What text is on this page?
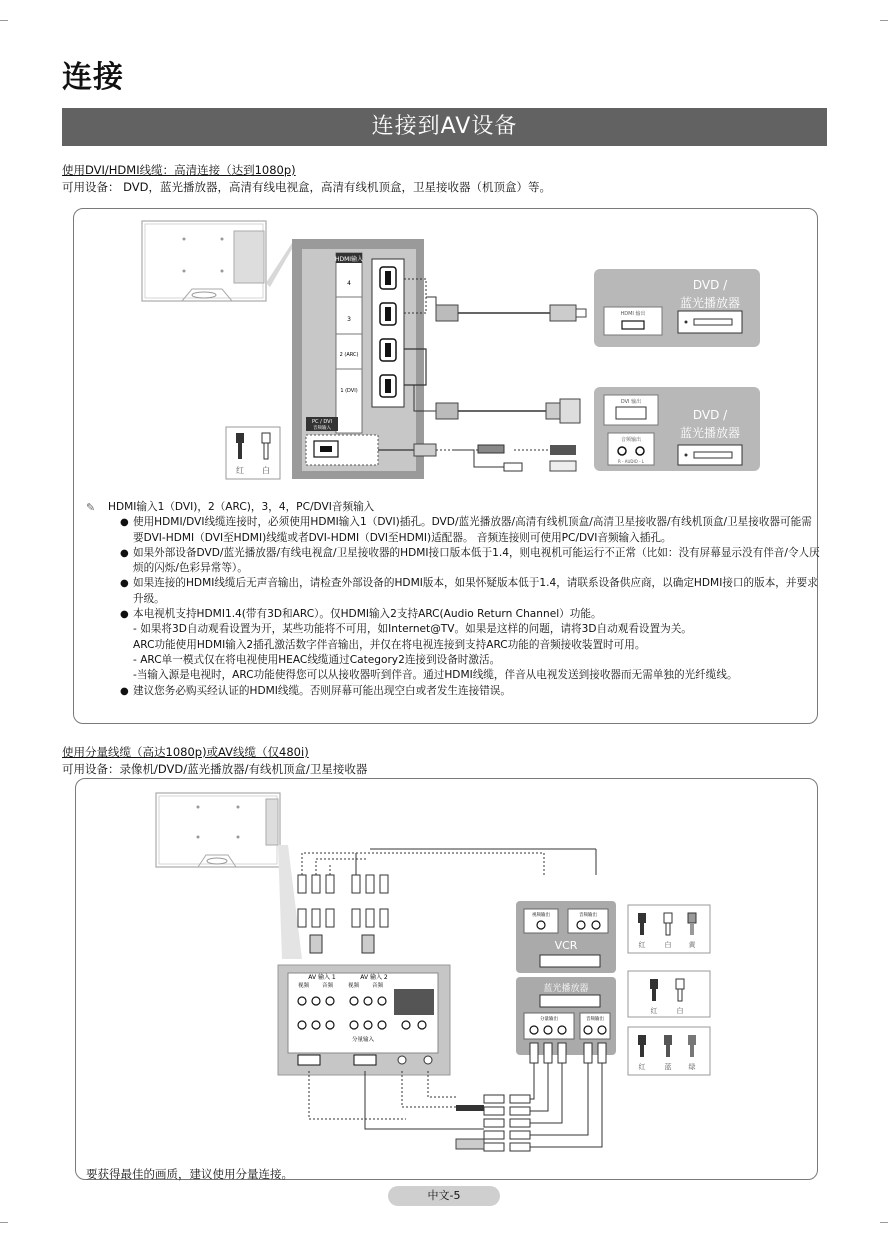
连接
连接到AV设备
使用DVI/HDMI线缆：高清连接（达到1080p)
可用设备： DVD，蓝光播放器，高清有线电视盒，高清有线机顶盒，卫星接收器（机顶盒）等。
HDMI输入
4
3
2 (ARC)
1 (DVI)
PC / DVI
音频输入
DVD /
蓝光播放器
HDMI 输出
DVD /
蓝光播放器
DVI 输出
音频输出
R - AUDIO - L
红 白
✎ HDMI输入1（DVI)，2（ARC)，3，4，PC/DVI音频输入
● 使用HDMI/DVI线缆连接时，必须使用HDMI输入1（DVI)插孔。DVD/蓝光播放器/高清有线机顶盒/高清卫星接收器/有线机顶盒/卫星接收器可能需要DVI-HDMI（DVI至HDMI)线缆或者DVI-HDMI（DVI至HDMI)适配器。 音频连接则可使用PC/DVI音频输入插孔。
● 如果外部设备DVD/蓝光播放器/有线电视盒/卫星接收器的HDMI接口版本低于1.4，则电视机可能运行不正常（比如：没有屏幕显示没有伴音/令人厌烦的闪烁/色彩异常等）。
● 如果连接的HDMI线缆后无声音输出，请检查外部设备的HDMI版本，如果怀疑版本低于1.4，请联系设备供应商，以确定HDMI接口的版本，并要求升级。
● 本电视机支持HDMI1.4(带有3D和ARC）。仅HDMI输入2支持ARC(Audio Return Channel）功能。
- 如果将3D自动观看设置为开，某些功能将不可用，如Internet@TV。如果是这样的问题，请将3D自动观看设置为关。
ARC功能使用HDMI输入2插孔激活数字伴音输出，并仅在将电视连接到支持ARC功能的音频接收装置时可用。
- ARC单一模式仅在将电视使用HEAC线缆通过Category2连接到设备时激活。
-当输入源是电视时，ARC功能使得您可以从接收器听到伴音。通过HDMI线缆，伴音从电视发送到接收器而无需单独的光纤缆线。
● 建议您务必购买经认证的HDMI线缆。否则屏幕可能出现空白或者发生连接错误。
使用分量线缆（高达1080p)或AV线缆（仅480i)
可用设备：录像机/DVD/蓝光播放器/有线机顶盒/卫星接收器
AV 输入 1	AV 输入 2
视频 音频	视频 音频
分量输入
视频输出	音频输出
VCR
蓝光播放器
分量输出	音频输出
红	白 黄
红	白
红	蓝 绿
要获得最佳的画质，建议使用分量连接。
中文-5
